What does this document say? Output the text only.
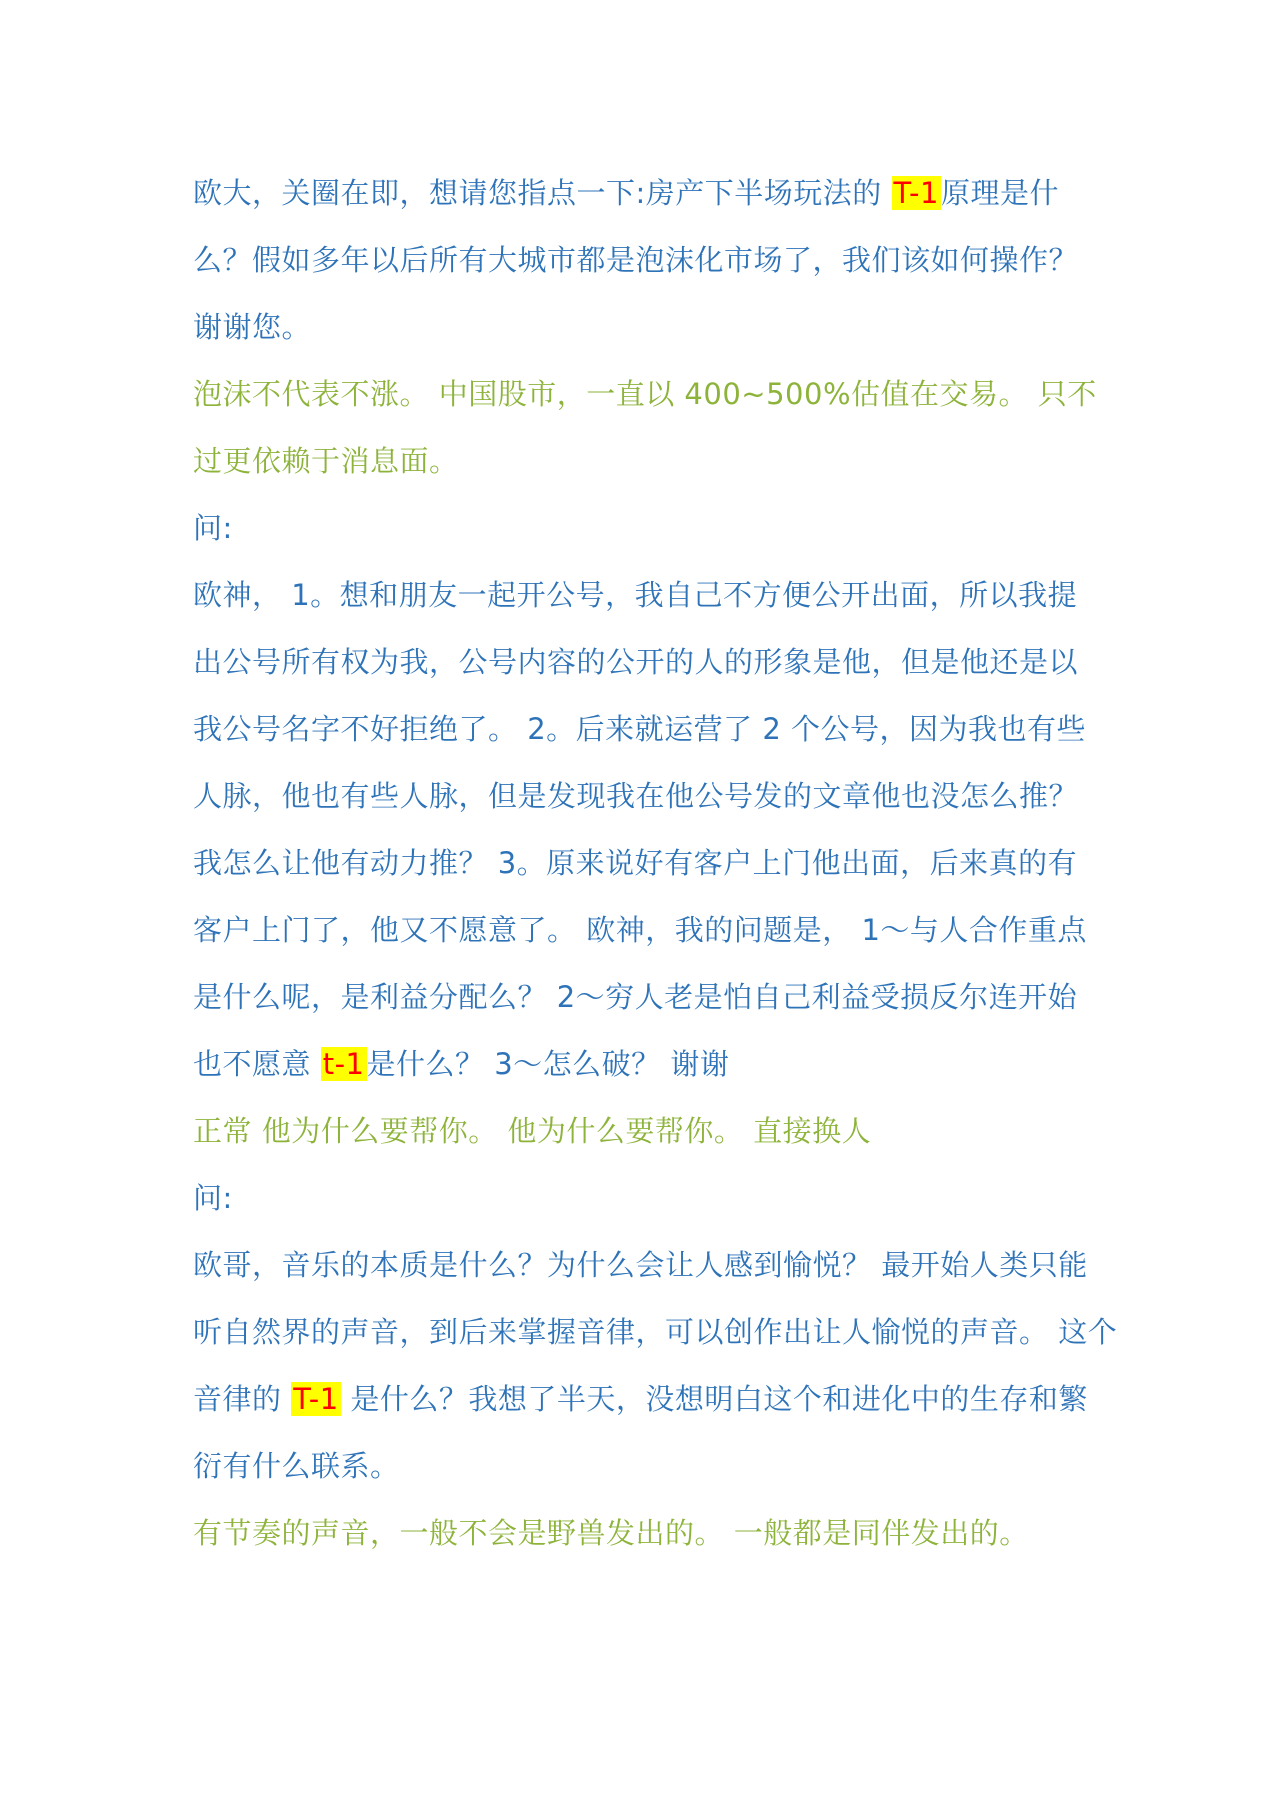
欧大，关圈在即，想请您指点一下:房产下半场玩法的 T-1原理是什
么？假如多年以后所有大城市都是泡沫化市场了，我们该如何操作？
谢谢您。
泡沫不代表不涨。 中国股市，一直以 400~500%估值在交易。 只不
过更依赖于消息面。
问:
欧神， 1。想和朋友一起开公号，我自己不方便公开出面，所以我提
出公号所有权为我，公号内容的公开的人的形象是他，但是他还是以
我公号名字不好拒绝了。 2。后来就运营了 2 个公号，因为我也有些
人脉，他也有些人脉，但是发现我在他公号发的文章他也没怎么推？
我怎么让他有动力推？ 3。原来说好有客户上门他出面，后来真的有
客户上门了，他又不愿意了。 欧神，我的问题是， 1～与人合作重点
是什么呢，是利益分配么？ 2～穷人老是怕自己利益受损反尔连开始
也不愿意 t-1是什么？ 3～怎么破？ 谢谢
正常 他为什么要帮你。 他为什么要帮你。 直接换人
问:
欧哥，音乐的本质是什么？为什么会让人感到愉悦？ 最开始人类只能
听自然界的声音，到后来掌握音律，可以创作出让人愉悦的声音。 这个
音律的 T-1 是什么？我想了半天，没想明白这个和进化中的生存和繁
衍有什么联系。
有节奏的声音，一般不会是野兽发出的。 一般都是同伴发出的。
